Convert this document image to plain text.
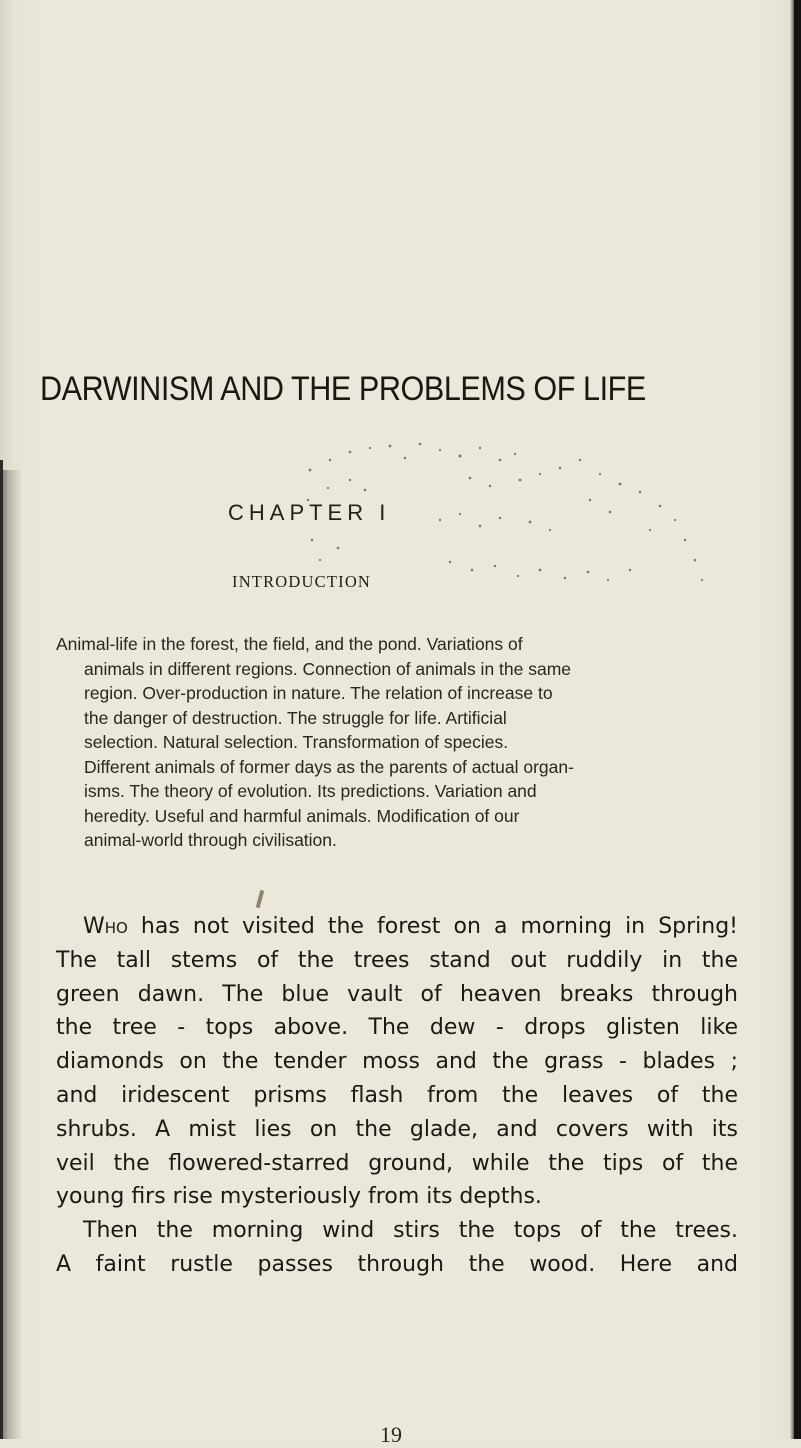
DARWINISM AND THE PROBLEMS OF LIFE
CHAPTER I
INTRODUCTION
Animal-life in the forest, the field, and the pond. Variations of
animals in different regions. Connection of animals in the same
region. Over-production in nature. The relation of increase to
the danger of destruction. The struggle for life. Artificial
selection. Natural selection. Transformation of species.
Different animals of former days as the parents of actual organ-
isms. The theory of evolution. Its predictions. Variation and
heredity. Useful and harmful animals. Modification of our
animal-world through civilisation.
Who has not visited the forest on a morning in Spring!
The tall stems of the trees stand out ruddily in the
green dawn. The blue vault of heaven breaks through
the tree - tops above. The dew - drops glisten like
diamonds on the tender moss and the grass - blades ;
and iridescent prisms flash from the leaves of the
shrubs. A mist lies on the glade, and covers with its
veil the flowered-starred ground, while the tips of the
young firs rise mysteriously from its depths.
Then the morning wind stirs the tops of the trees.
A faint rustle passes through the wood. Here and
19
